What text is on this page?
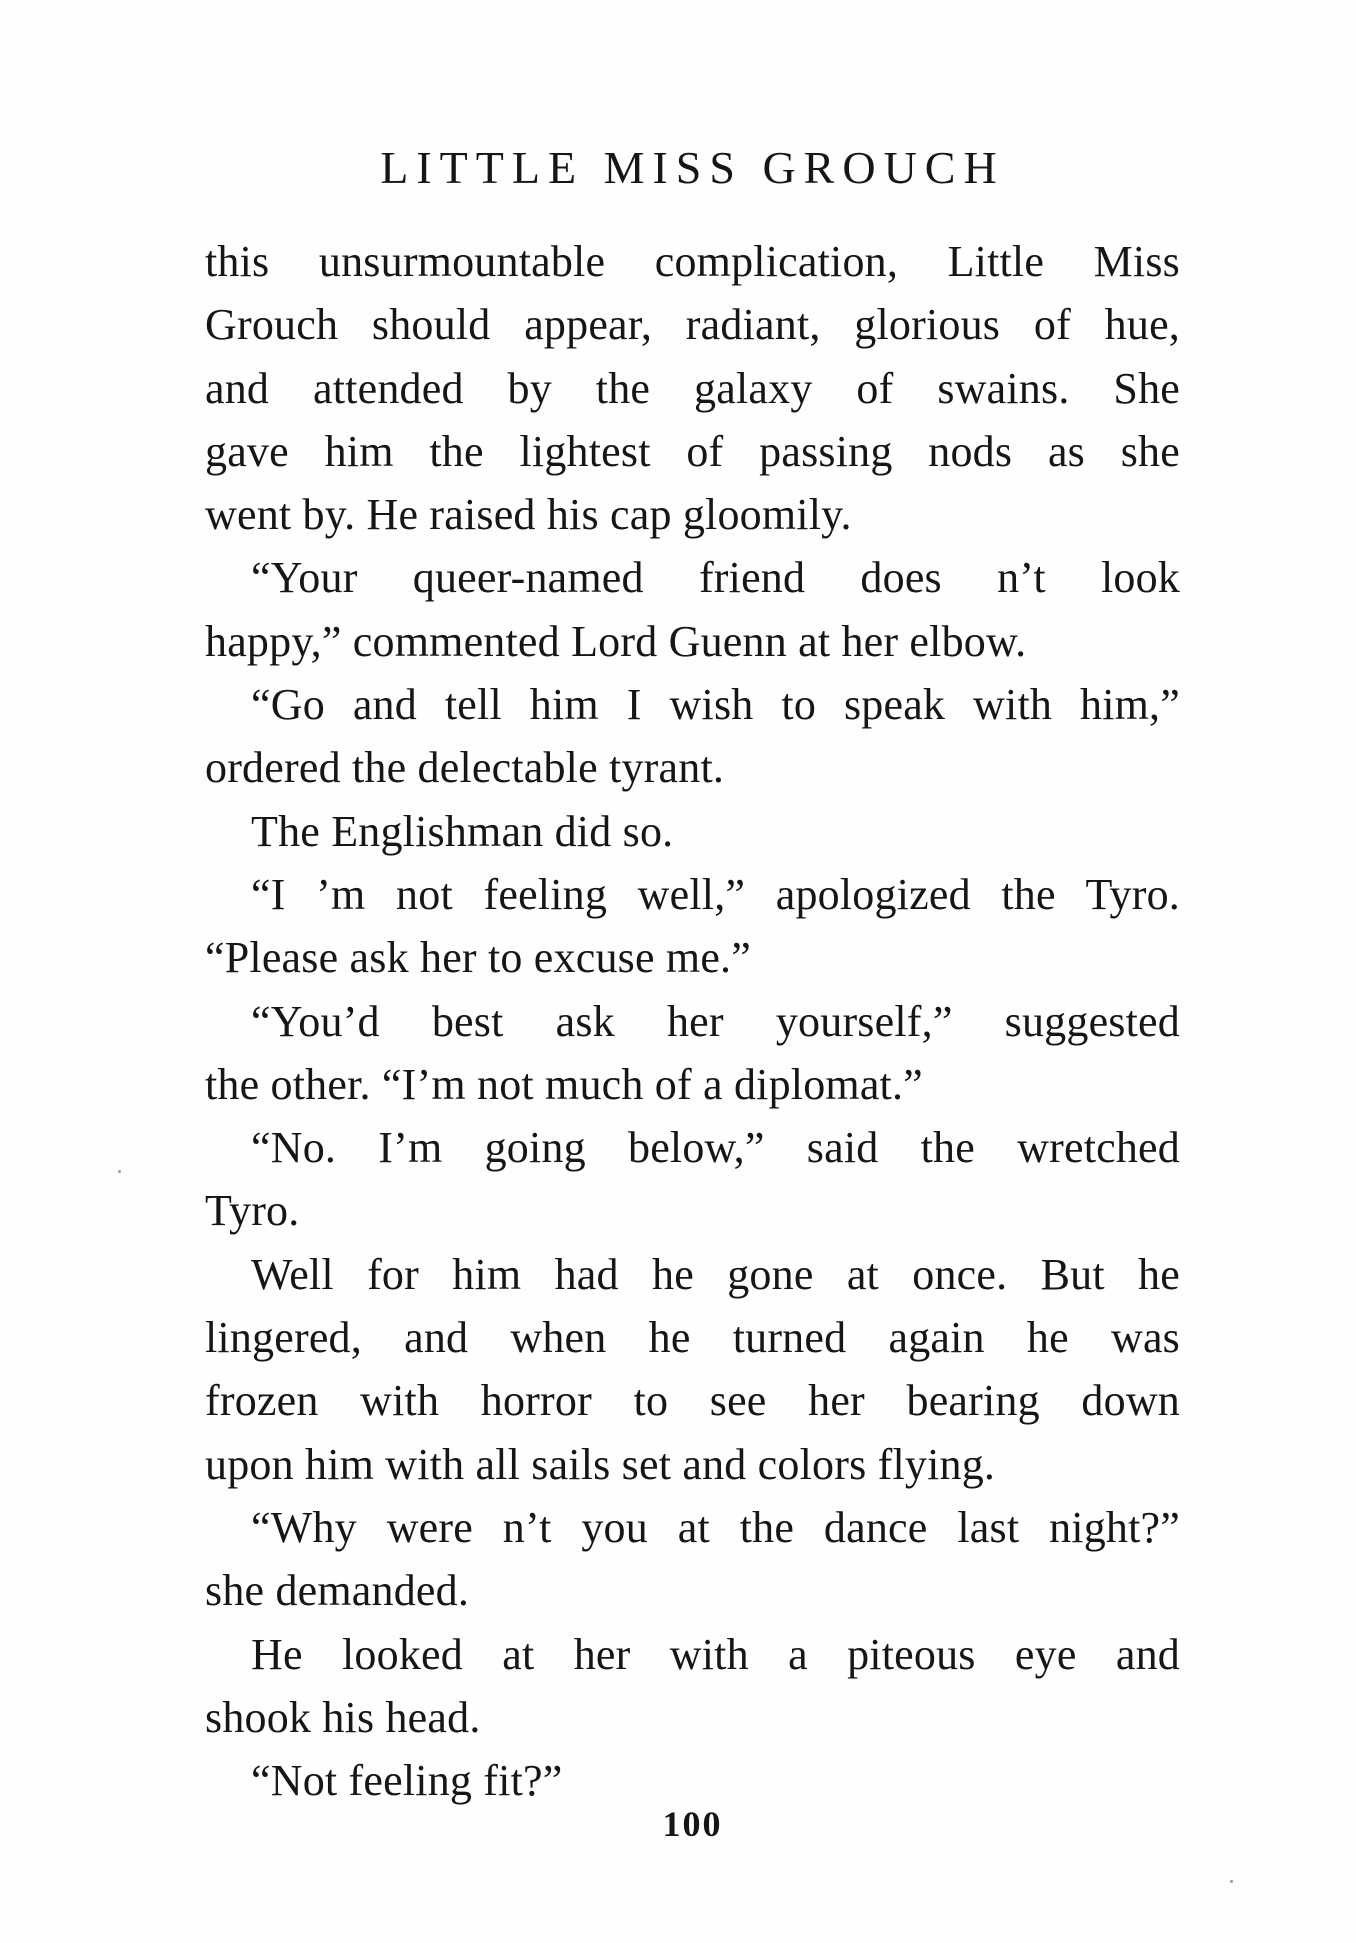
LITTLE MISS GROUCH
this unsurmountable complication, Little Miss
Grouch should appear, radiant, glorious of hue,
and attended by the galaxy of swains. She
gave him the lightest of passing nods as she
went by. He raised his cap gloomily.
“Your queer-named friend does n’t look
happy,” commented Lord Guenn at her elbow.
“Go and tell him I wish to speak with him,”
ordered the delectable tyrant.
The Englishman did so.
“I ’m not feeling well,” apologized the Tyro.
“Please ask her to excuse me.”
“You’d best ask her yourself,” suggested
the other. “I’m not much of a diplomat.”
“No. I’m going below,” said the wretched
Tyro.
Well for him had he gone at once. But he
lingered, and when he turned again he was
frozen with horror to see her bearing down
upon him with all sails set and colors flying.
“Why were n’t you at the dance last night?”
she demanded.
He looked at her with a piteous eye and
shook his head.
“Not feeling fit?”
100
